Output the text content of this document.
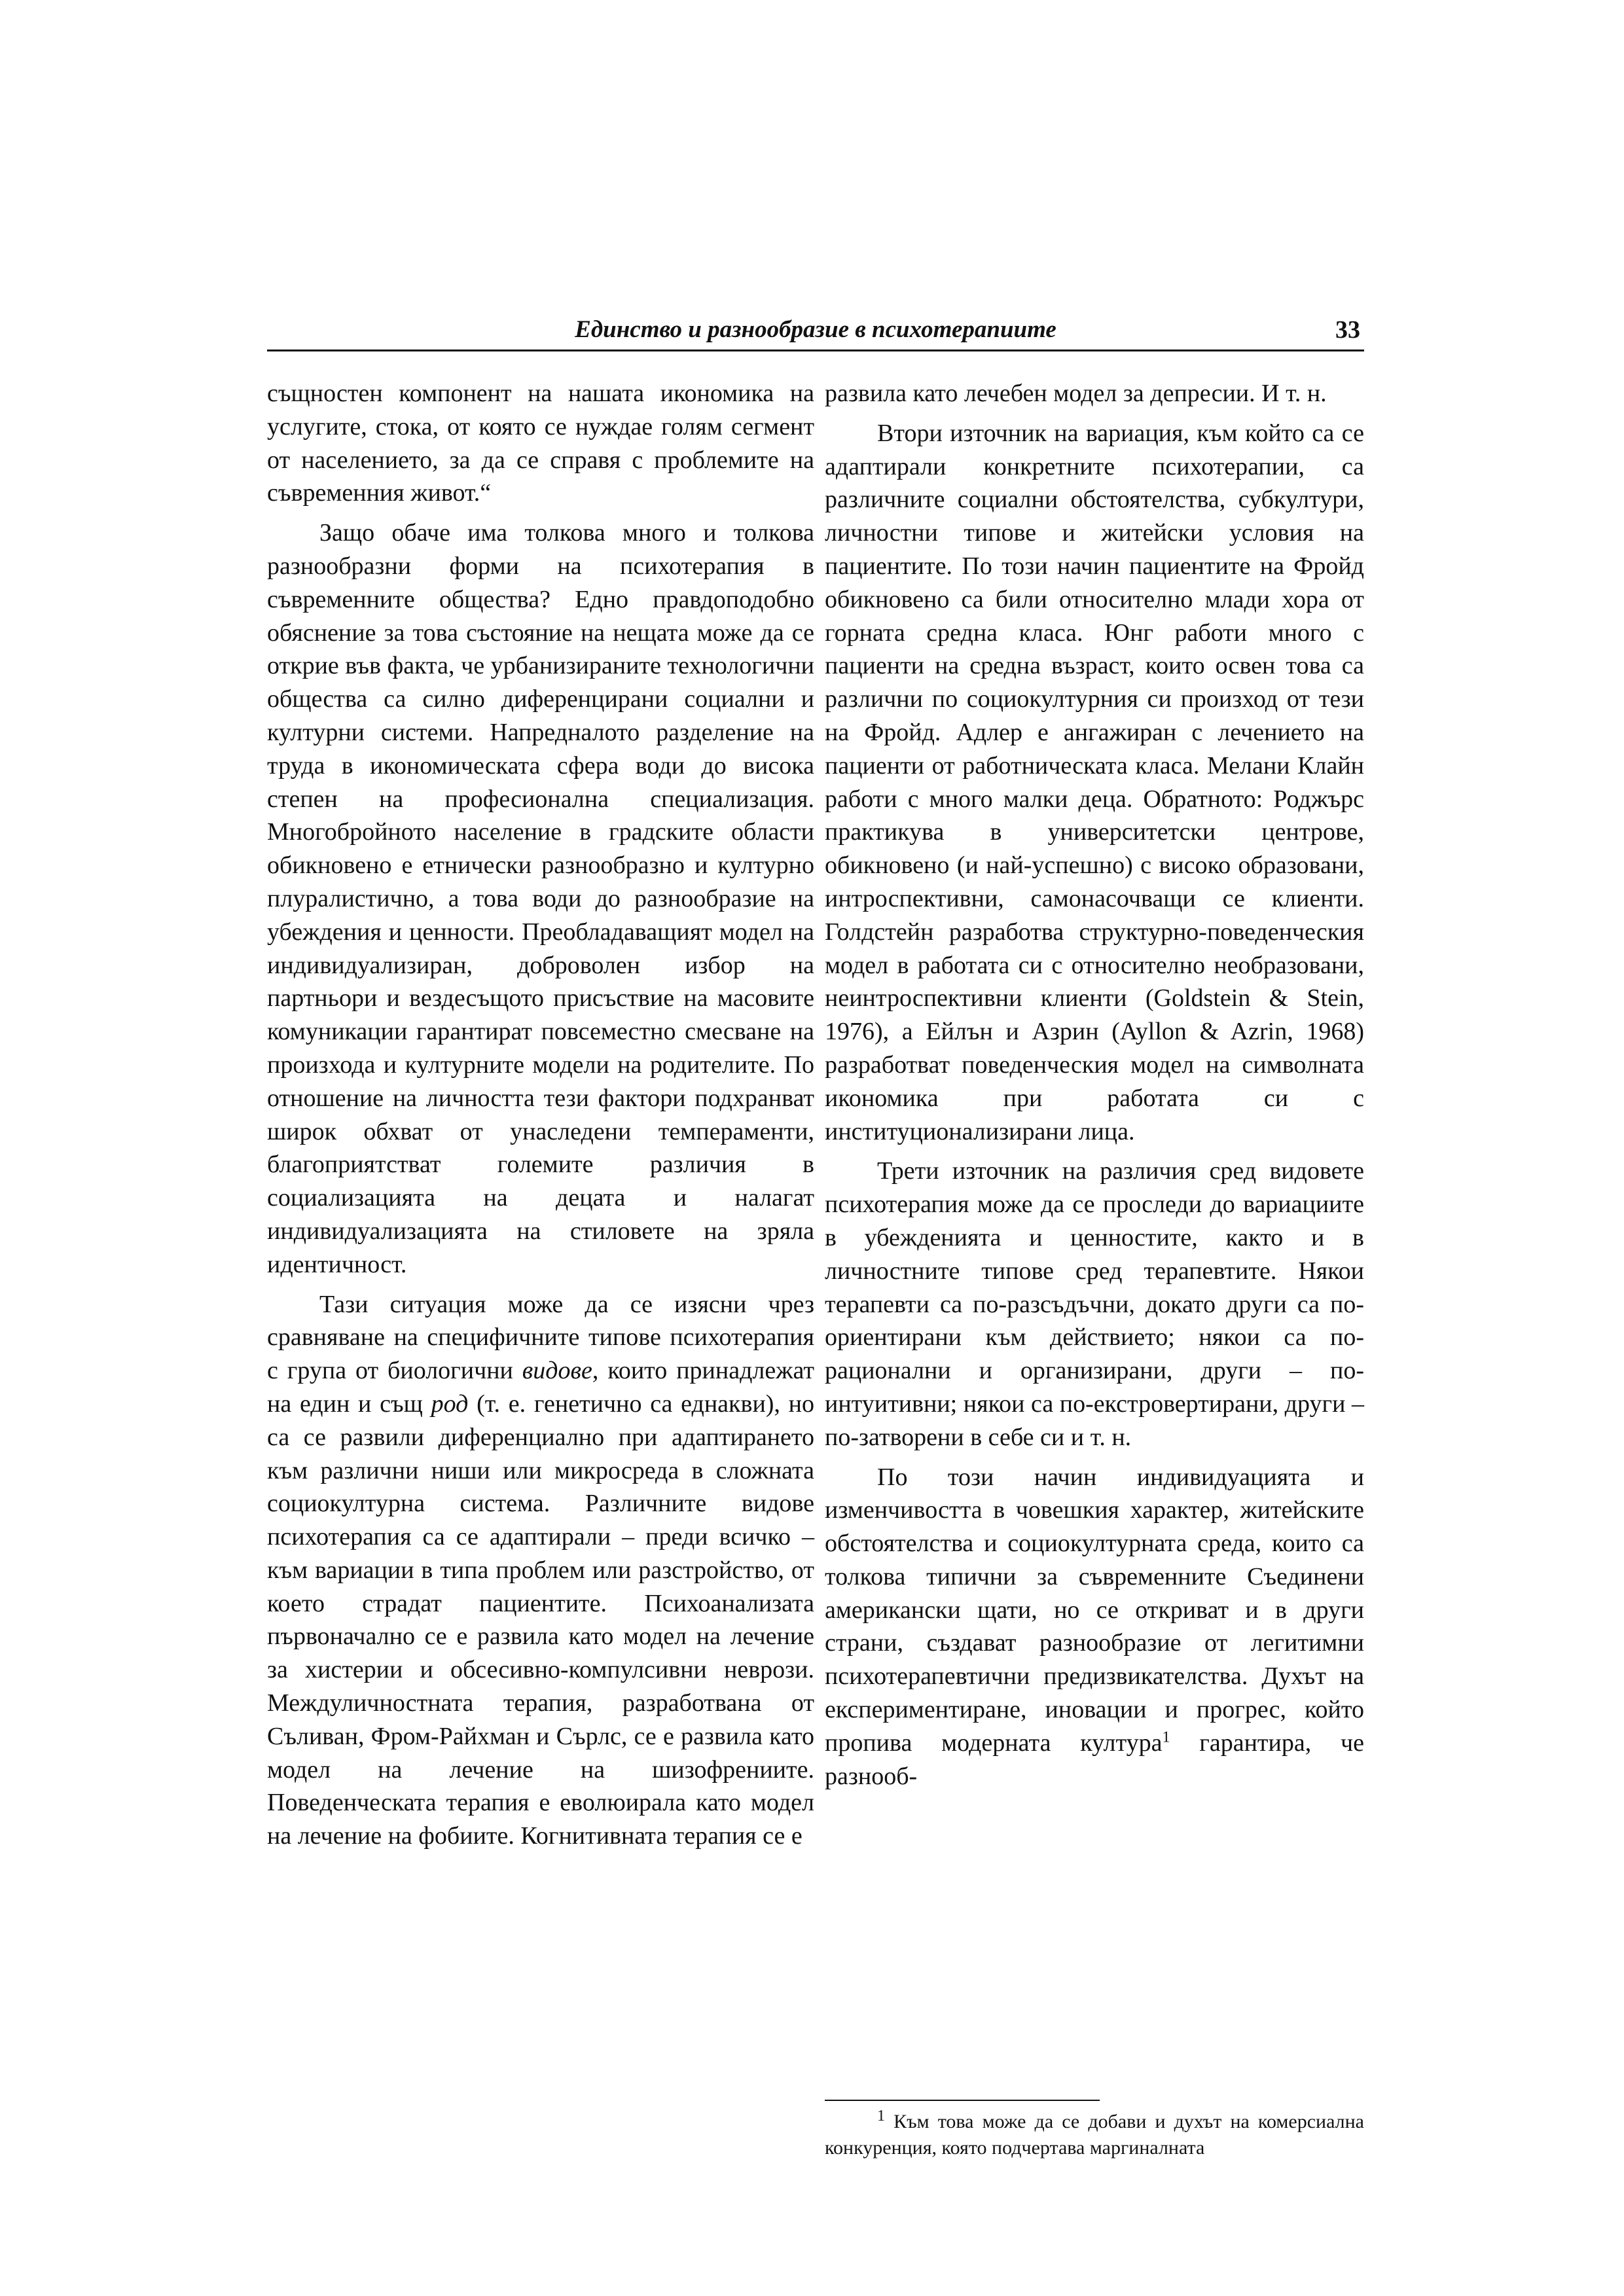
Единство и разнообразие в психотерапиите	33

същностен компонент на нашата икономика на услугите, стока, от която се нуждае голям сегмент от населението, за да се справя с проблемите на съвременния живот.“

Защо обаче има толкова много и толкова разнообразни форми на психотерапия в съвременните общества? Едно правдоподобно обяснение за това състояние на нещата може да се открие във факта, че урбанизираните технологични общества са силно диференцирани социални и културни системи. Напредналото разделение на труда в икономическата сфера води до висока степен на професионална специализация. Многобройното население в градските области обикновено е етнически разнообразно и културно плуралистично, а това води до разнообразие на убеждения и ценности. Преобладаващият модел на индивидуализиран, доброволен избор на партньори и вездесъщото присъствие на масовите комуникации гарантират повсеместно смесване на произхода и културните модели на родителите. По отношение на личността тези фактори подхранват широк обхват от унаследени темпераменти, благоприятстват големите различия в социализацията на децата и налагат индивидуализацията на стиловете на зряла идентичност.

Тази ситуация може да се изясни чрез сравняване на специфичните типове психотерапия с група от биологични видове, които принадлежат на един и същ род (т. е. генетично са еднакви), но са се развили диференциално при адаптирането към различни ниши или микросреда в сложната социокултурна система. Различните видове психотерапия са се адаптирали – преди всичко – към вариации в типа проблем или разстройство, от което страдат пациентите. Психоанализата първоначално се е развила като модел на лечение за хистерии и обсесивно-компулсивни неврози. Междуличностната терапия, разработвана от Съливан, Фром-Райхман и Сърлс, се е развила като модел на лечение на шизофрениите. Поведенческата терапия е еволюирала като модел на лечение на фобиите. Когнитивната терапия се е

развила като лечебен модел за депресии. И т. н.

Втори източник на вариация, към който са се адаптирали конкретните психотерапии, са различните социални обстоятелства, субкултури, личностни типове и житейски условия на пациентите. По този начин пациентите на Фройд обикновено са били относително млади хора от горната средна класа. Юнг работи много с пациенти на средна възраст, които освен това са различни по социокултурния си произход от тези на Фройд. Адлер е ангажиран с лечението на пациенти от работническата класа. Мелани Клайн работи с много малки деца. Обратното: Роджърс практикува в университетски центрове, обикновено (и най-успешно) с високо образовани, интроспективни, самонасочващи се клиенти. Голдстейн разработва структурно-поведенческия модел в работата си с относително необразовани, неинтроспективни клиенти (Goldstein & Stein, 1976), а Ейлън и Азрин (Ayllon & Azrin, 1968) разработват поведенческия модел на символната икономика при работата си с институционализирани лица.

Трети източник на различия сред видовете психотерапия може да се проследи до вариациите в убежденията и ценностите, както и в личностните типове сред терапевтите. Някои терапевти са по-разсъдъчни, докато други са по-ориентирани към действието; някои са по-рационални и организирани, други – по-интуитивни; някои са по-екстровертирани, други – по-затворени в себе си и т. н.

По този начин индивидуацията и изменчивостта в човешкия характер, житейските обстоятелства и социокултурната среда, които са толкова типични за съвременните Съединени американски щати, но се откриват и в други страни, създават разнообразие от легитимни психотерапевтични предизвикателства. Духът на експериментиране, иновации и прогрес, който пропива модерната култура$^1$ гарантира, че разнооб-

$^1$ Към това може да се добави и духът на комерсиална конкуренция, която подчертава маргиналната
